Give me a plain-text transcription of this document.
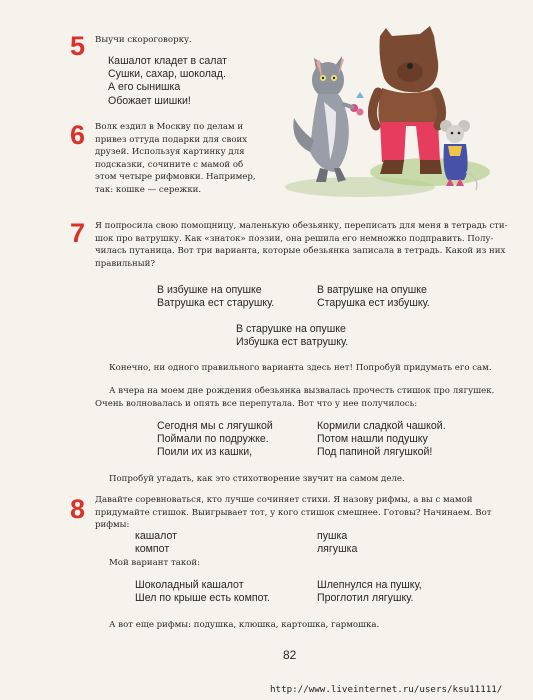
5 Выучи скороговорку.
Кашалот кладет в салат
Сушки, сахар, шоколад.
А его сынишка
Обожает шишки!
6 Волк ездил в Москву по делам и
привез оттуда подарки для своих
друзей. Используя картинку для
подсказки, сочините с мамой об
этом четыре рифмовки. Например,
так: кошке — сережки.
7 Я попросила свою помощницу, маленькую обезьянку, переписать для меня в тетрадь сти-
шок про ватрушку. Как «знаток» поэзии, она решила его немножко подправить. Полу-
чилась путаница. Вот три варианта, которые обезьянка записала в тетрадь. Какой из них
правильный?
В избушке на опушке
Ватрушка ест старушку.
В ватрушке на опушке
Старушка ест избушку.
В старушке на опушке
Избушка ест ватрушку.
Конечно, ни одного правильного варианта здесь нет! Попробуй придумать его сам.
А вчера на моем дне рождения обезьянка вызвалась прочесть стишок про лягушек.
Очень волновалась и опять все перепутала. Вот что у нее получилось:
Сегодня мы с лягушкой
Поймали по подружке.
Поили их из кашки,
Кормили сладкой чашкой.
Потом нашли подушку
Под папиной лягушкой!
Попробуй угадать, как это стихотворение звучит на самом деле.
8 Давайте соревноваться, кто лучше сочиняет стихи. Я назову рифмы, а вы с мамой
придумайте стишок. Выигрывает тот, у кого стишок смешнее. Готовы? Начинаем. Вот
рифмы:
кашалот
компот
пушка
лягушка
Мой вариант такой:
Шоколадный кашалот
Шел по крыше есть компот.
Шлепнулся на пушку,
Проглотил лягушку.
А вот еще рифмы: подушка, клюшка, картошка, гармошка.
82
http://www.liveinternet.ru/users/ksu11111/
